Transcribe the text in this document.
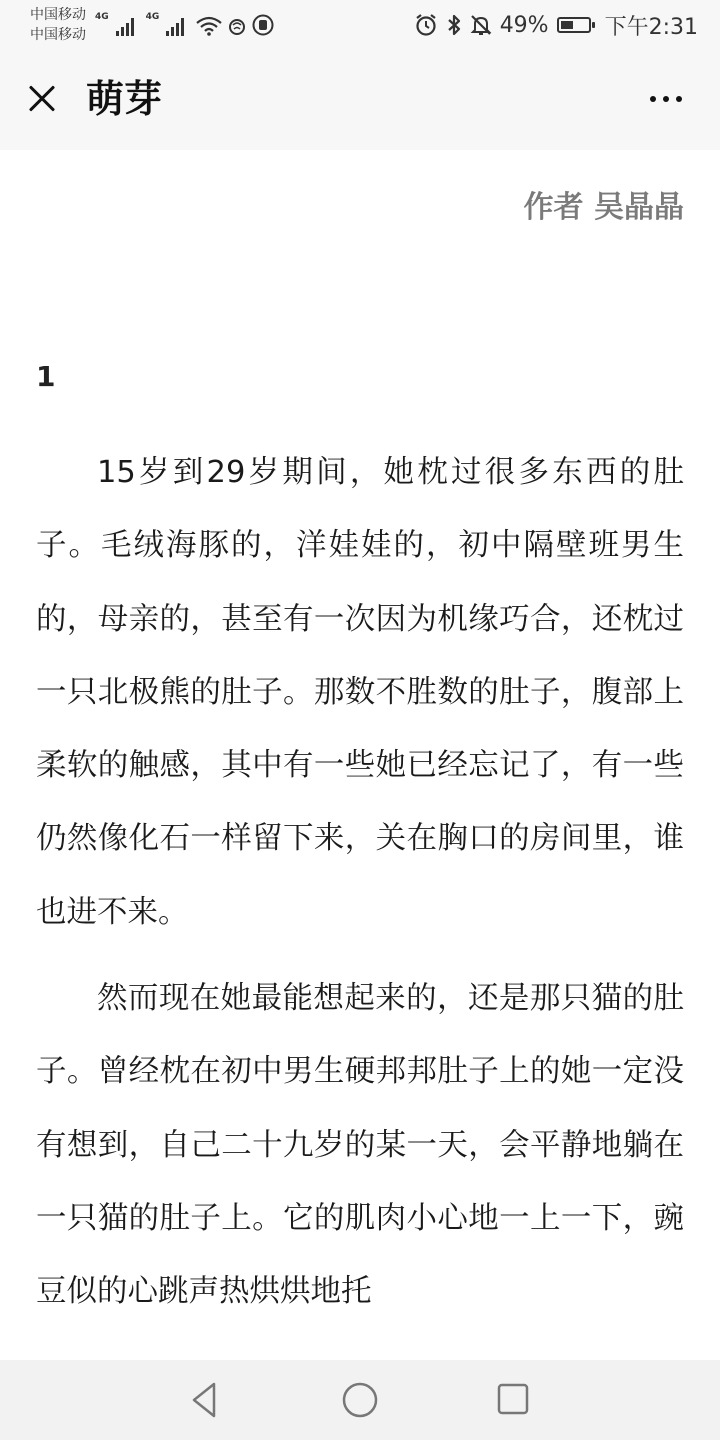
中国移动
中国移动
4G	4G	49%	下午2:31
萌芽
作者 吴晶晶
1

15岁到29岁期间，她枕过很多东西的肚子。毛绒海豚的，洋娃娃的，初中隔壁班男生的，母亲的，甚至有一次因为机缘巧合，还枕过一只北极熊的肚子。那数不胜数的肚子，腹部上柔软的触感，其中有一些她已经忘记了，有一些仍然像化石一样留下来，关在胸口的房间里，谁也进不来。

然而现在她最能想起来的，还是那只猫的肚子。曾经枕在初中男生硬邦邦肚子上的她一定没有想到，自己二十九岁的某一天，会平静地躺在一只猫的肚子上。它的肌肉小心地一上一下，豌豆似的心跳声热烘烘地托
